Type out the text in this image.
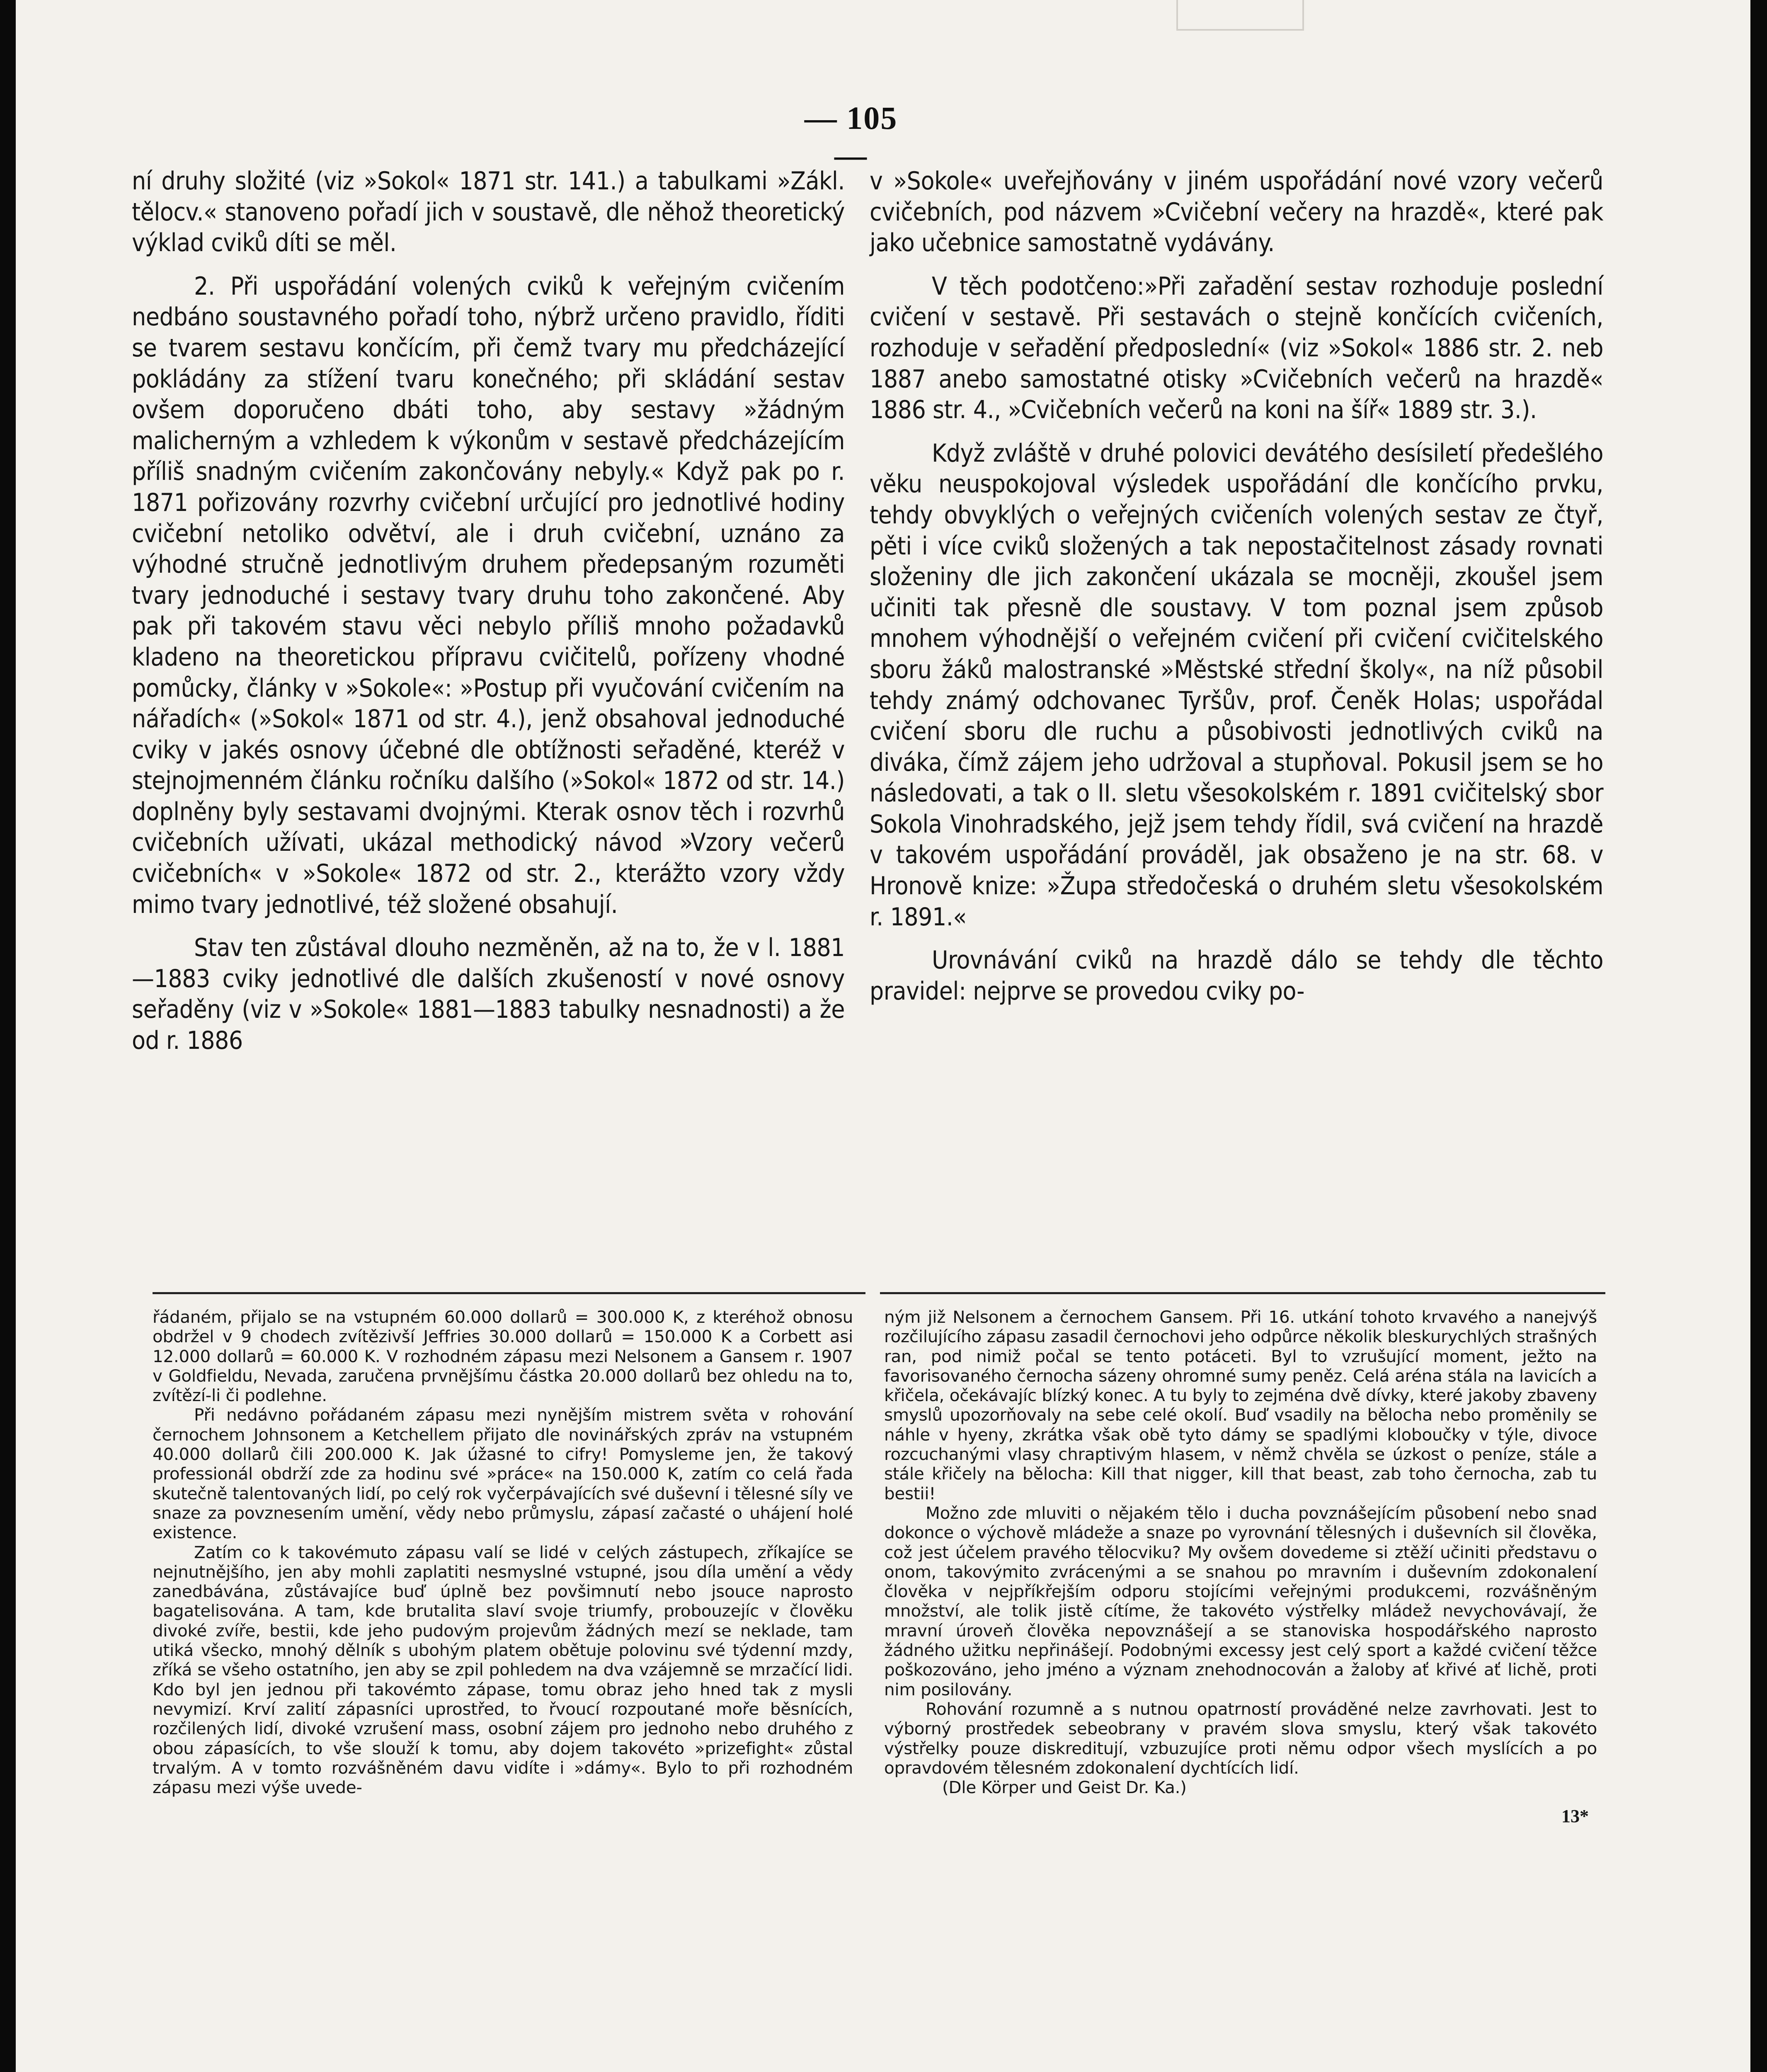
— 105 —

ní druhy složité (viz »Sokol« 1871 str. 141.) a tabulkami »Zákl. tělocv.« stanoveno pořadí jich v soustavě, dle něhož theoretický výklad cviků díti se měl.

2. Při uspořádání volených cviků k veřejným cvičením nedbáno soustavného pořadí toho, nýbrž určeno pravidlo, říditi se tvarem sestavu končícím, při čemž tvary mu předcházející pokládány za stížení tvaru konečného; při skládání sestav ovšem doporučeno dbáti toho, aby sestavy »žádným malicherným a vzhledem k výkonům v sestavě předcházejícím příliš snadným cvičením zakončovány nebyly.« Když pak po r. 1871 pořizovány rozvrhy cvičební určující pro jednotlivé hodiny cvičební netoliko odvětví, ale i druh cvičební, uznáno za výhodné stručně jednotlivým druhem předepsaným rozuměti tvary jednoduché i sestavy tvary druhu toho zakončené. Aby pak při takovém stavu věci nebylo příliš mnoho požadavků kladeno na theoretickou přípravu cvičitelů, pořízeny vhodné pomůcky, články v »Sokole«: »Postup při vyučování cvičením na nářadích« (»Sokol« 1871 od str. 4.), jenž obsahoval jednoduché cviky v jakés osnovy účebné dle obtížnosti seřaděné, kteréž v stejnojmenném článku ročníku dalšího (»Sokol« 1872 od str. 14.) doplněny byly sestavami dvojnými. Kterak osnov těch i rozvrhů cvičebních užívati, ukázal methodický návod »Vzory večerů cvičebních« v »Sokole« 1872 od str. 2., kterážto vzory vždy mimo tvary jednotlivé, též složené obsahují.

Stav ten zůstával dlouho nezměněn, až na to, že v l. 1881—1883 cviky jednotlivé dle dalších zkušeností v nové osnovy seřaděny (viz v »Sokole« 1881—1883 tabulky nesnadnosti) a že od r. 1886

v »Sokole« uveřejňovány v jiném uspořádání nové vzory večerů cvičebních, pod názvem »Cvičební večery na hrazdě«, které pak jako učebnice samostatně vydávány.

V těch podotčeno:»Při zařadění sestav rozhoduje poslední cvičení v sestavě. Při sestavách o stejně končících cvičeních, rozhoduje v seřadění předposlední« (viz »Sokol« 1886 str. 2. neb 1887 anebo samostatné otisky »Cvičebních večerů na hrazdě« 1886 str. 4., »Cvičebních večerů na koni na šíř« 1889 str. 3.).

Když zvláště v druhé polovici devátého desísiletí předešlého věku neuspokojoval výsledek uspořádání dle končícího prvku, tehdy obvyklých o veřejných cvičeních volených sestav ze čtyř, pěti i více cviků složených a tak nepostačitelnost zásady rovnati složeniny dle jich zakončení ukázala se mocněji, zkoušel jsem učiniti tak přesně dle soustavy. V tom poznal jsem způsob mnohem výhodnější o veřejném cvičení při cvičení cvičitelského sboru žáků malostranské »Městské střední školy«, na níž působil tehdy známý odchovanec Tyršův, prof. Čeněk Holas; uspořádal cvičení sboru dle ruchu a působivosti jednotlivých cviků na diváka, čímž zájem jeho udržoval a stupňoval. Pokusil jsem se ho následovati, a tak o II. sletu všesokolském r. 1891 cvičitelský sbor Sokola Vinohradského, jejž jsem tehdy řídil, svá cvičení na hrazdě v takovém uspořádání prováděl, jak obsaženo je na str. 68. v Hronově knize: »Župa středočeská o druhém sletu všesokolském r. 1891.«

Urovnávání cviků na hrazdě dálo se tehdy dle těchto pravidel: nejprve se provedou cviky po-

řádaném, přijalo se na vstupném 60.000 dollarů = 300.000 K, z kteréhož obnosu obdržel v 9 chodech zvítězivší Jeffries 30.000 dollarů = 150.000 K a Corbett asi 12.000 dollarů = 60.000 K. V rozhodném zápasu mezi Nelsonem a Gansem r. 1907 v Goldfieldu, Nevada, zaručena prvnějšímu částka 20.000 dollarů bez ohledu na to, zvítězí-li či podlehne.

Při nedávno pořádaném zápasu mezi nynějším mistrem světa v rohování černochem Johnsonem a Ketchellem přijato dle novinářských zpráv na vstupném 40.000 dollarů čili 200.000 K. Jak úžasné to cifry! Pomysleme jen, že takový professionál obdrží zde za hodinu své »práce« na 150.000 K, zatím co celá řada skutečně talentovaných lidí, po celý rok vyčerpávajících své duševní i tělesné síly ve snaze za povznesením umění, vědy nebo průmyslu, zápasí začasté o uhájení holé existence.

Zatím co k takovémuto zápasu valí se lidé v celých zástupech, zříkajíce se nejnutnějšího, jen aby mohli zaplatiti nesmyslné vstupné, jsou díla umění a vědy zanedbávána, zůstávajíce buď úplně bez povšimnutí nebo jsouce naprosto bagatelisována. A tam, kde brutalita slaví svoje triumfy, probouzejíc v člověku divoké zvíře, bestii, kde jeho pudovým projevům žádných mezí se neklade, tam utiká všecko, mnohý dělník s ubohým platem obětuje polovinu své týdenní mzdy, zříká se všeho ostatního, jen aby se zpil pohledem na dva vzájemně se mrzačící lidi. Kdo byl jen jednou při takovémto zápase, tomu obraz jeho hned tak z mysli nevymizí. Krví zalití zápasníci uprostřed, to řvoucí rozpoutané moře běsnících, rozčilených lidí, divoké vzrušení mass, osobní zájem pro jednoho nebo druhého z obou zápasících, to vše slouží k tomu, aby dojem takovéto »prizefight« zůstal trvalým. A v tomto rozvášněném davu vidíte i »dámy«. Bylo to při rozhodném zápasu mezi výše uvede-

ným již Nelsonem a černochem Gansem. Při 16. utkání tohoto krvavého a nanejvýš rozčilujícího zápasu zasadil černochovi jeho odpůrce několik bleskurychlých strašných ran, pod nimiž počal se tento potáceti. Byl to vzrušující moment, ježto na favorisovaného černocha sázeny ohromné sumy peněz. Celá aréna stála na lavicích a křičela, očekávajíc blízký konec. A tu byly to zejména dvě dívky, které jakoby zbaveny smyslů upozorňovaly na sebe celé okolí. Buď vsadily na bělocha nebo proměnily se náhle v hyeny, zkrátka však obě tyto dámy se spadlými kloboučky v týle, divoce rozcuchanými vlasy chraptivým hlasem, v němž chvěla se úzkost o peníze, stále a stále křičely na bělocha: Kill that nigger, kill that beast, zab toho černocha, zab tu bestii!

Možno zde mluviti o nějakém tělo i ducha povznášejícím působení nebo snad dokonce o výchově mládeže a snaze po vyrovnání tělesných i duševních sil člověka, což jest účelem pravého tělocviku? My ovšem dovedeme si ztěží učiniti představu o onom, takovýmito zvrácenými a se snahou po mravním i duševním zdokonalení člověka v nejpříkřejším odporu stojícími veřejnými produkcemi, rozvášněným množství, ale tolik jistě cítíme, že takovéto výstřelky mládež nevychovávají, že mravní úroveň člověka nepovznášejí a se stanoviska hospodářského naprosto žádného užitku nepřinášejí. Podobnými excessy jest celý sport a každé cvičení těžce poškozováno, jeho jméno a význam znehodnocován a žaloby ať křivé ať lichě, proti nim posilovány.

Rohování rozumně a s nutnou opatrností prováděné nelze zavrhovati. Jest to výborný prostředek sebeobrany v pravém slova smyslu, který však takovéto výstřelky pouze diskreditují, vzbuzujíce proti němu odpor všech myslících a po opravdovém tělesném zdokonalení dychtících lidí.

(Dle Körper und Geist Dr. Ka.)

13*
